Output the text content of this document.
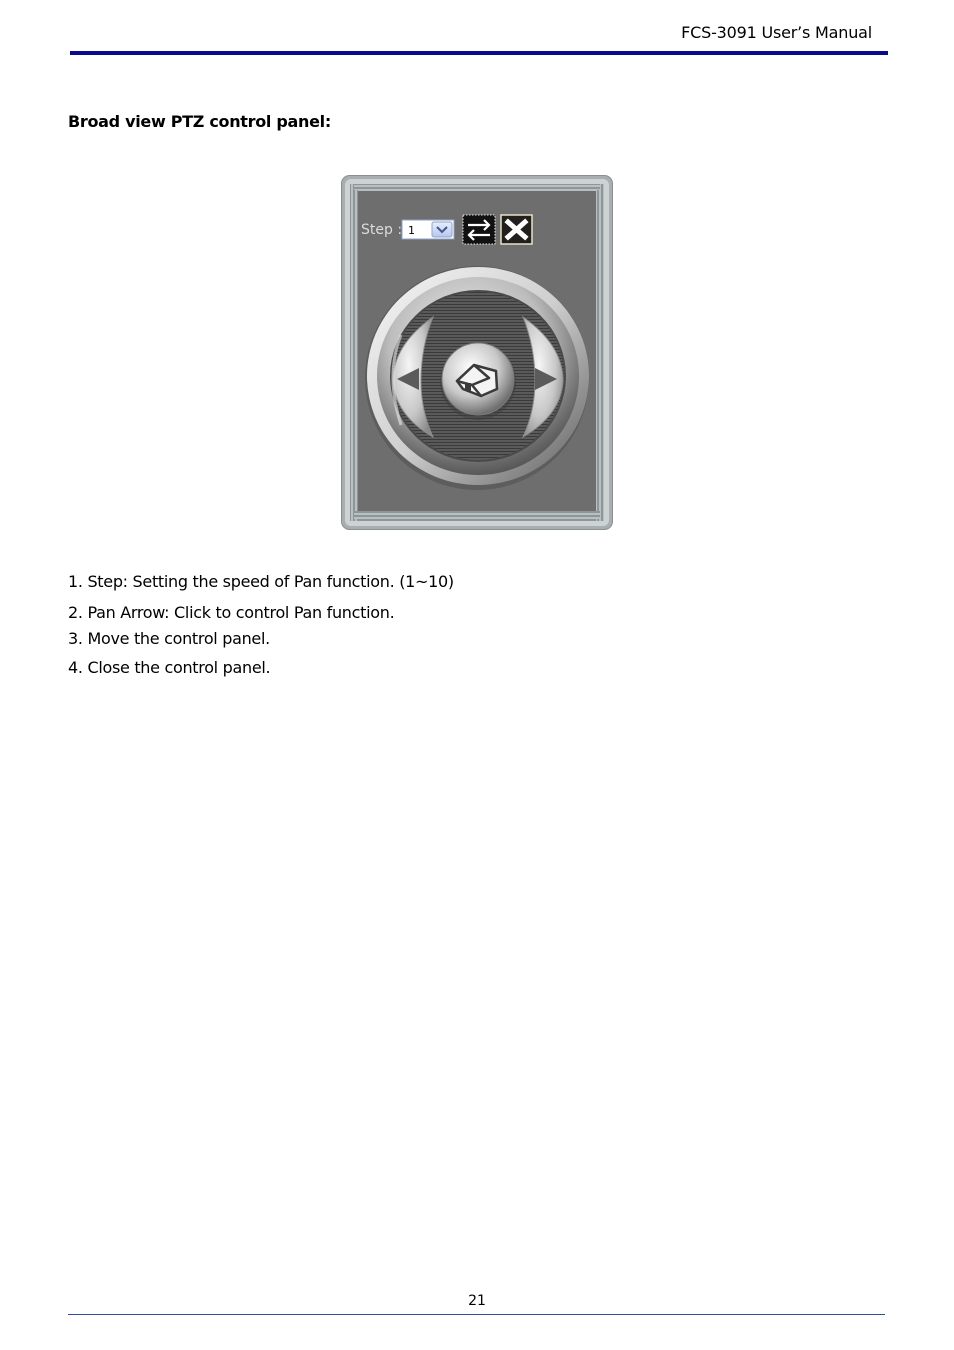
FCS-3091 User’s Manual
Broad view PTZ control panel:
Step : 1
1. Step: Setting the speed of Pan function. (1~10)
2. Pan Arrow: Click to control Pan function.
3. Move the control panel.
4. Close the control panel.
21
